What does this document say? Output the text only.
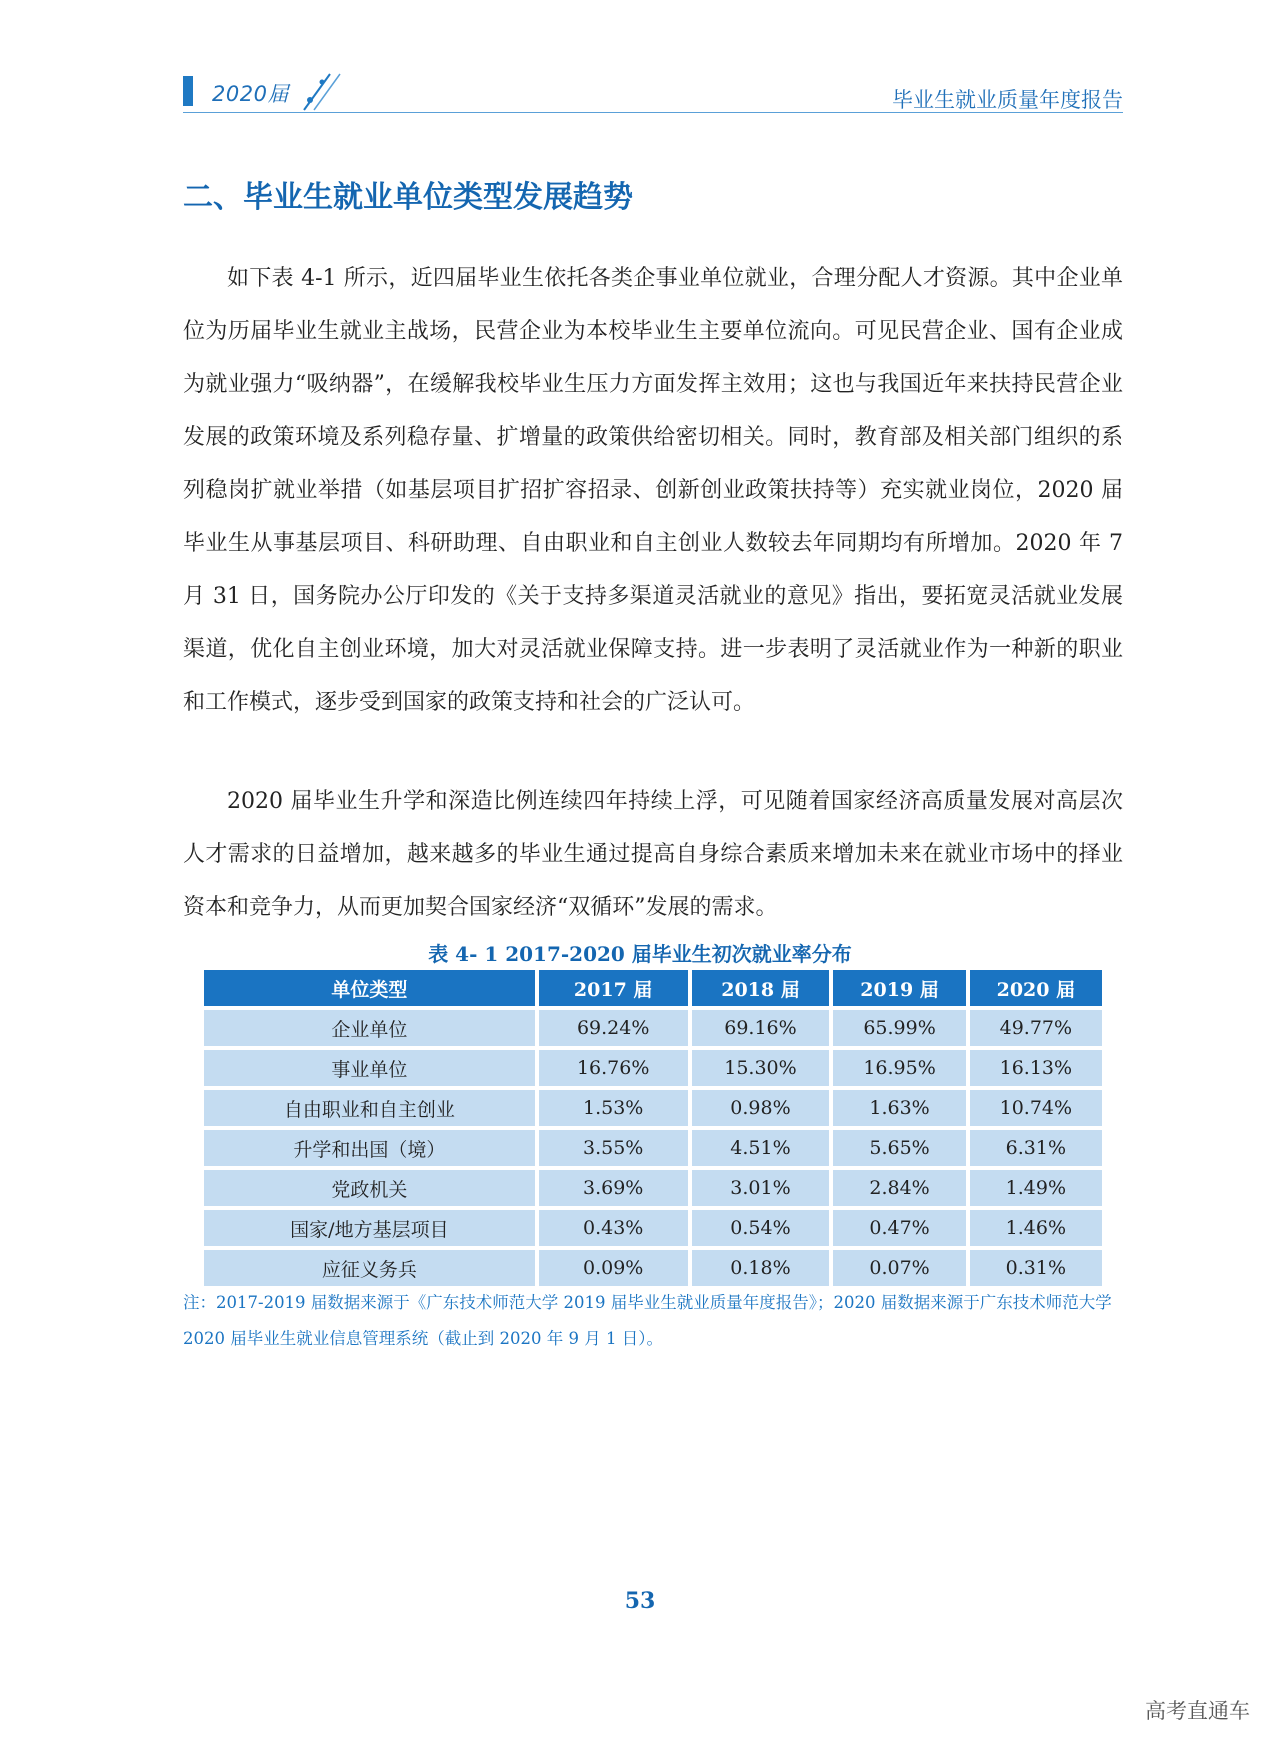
2020届	毕业生就业质量年度报告
二、毕业生就业单位类型发展趋势

如下表 4-1 所示，近四届毕业生依托各类企事业单位就业，合理分配人才资源。其中企业单位为历届毕业生就业主战场，民营企业为本校毕业生主要单位流向。可见民营企业、国有企业成为就业强力“吸纳器”，在缓解我校毕业生压力方面发挥主效用；这也与我国近年来扶持民营企业发展的政策环境及系列稳存量、扩增量的政策供给密切相关。同时，教育部及相关部门组织的系列稳岗扩就业举措（如基层项目扩招扩容招录、创新创业政策扶持等）充实就业岗位，2020 届毕业生从事基层项目、科研助理、自由职业和自主创业人数较去年同期均有所增加。2020 年 7 月 31 日，国务院办公厅印发的《关于支持多渠道灵活就业的意见》指出，要拓宽灵活就业发展渠道，优化自主创业环境，加大对灵活就业保障支持。进一步表明了灵活就业作为一种新的职业和工作模式，逐步受到国家的政策支持和社会的广泛认可。

2020 届毕业生升学和深造比例连续四年持续上浮，可见随着国家经济高质量发展对高层次人才需求的日益增加，越来越多的毕业生通过提高自身综合素质来增加未来在就业市场中的择业资本和竞争力，从而更加契合国家经济“双循环”发展的需求。

表 4- 1 2017-2020 届毕业生初次就业率分布
单位类型	2017 届	2018 届	2019 届	2020 届
企业单位	69.24%	69.16%	65.99%	49.77%
事业单位	16.76%	15.30%	16.95%	16.13%
自由职业和自主创业	1.53%	0.98%	1.63%	10.74%
升学和出国（境）	3.55%	4.51%	5.65%	6.31%
党政机关	3.69%	3.01%	2.84%	1.49%
国家/地方基层项目	0.43%	0.54%	0.47%	1.46%
应征义务兵	0.09%	0.18%	0.07%	0.31%
注：2017-2019 届数据来源于《广东技术师范大学 2019 届毕业生就业质量年度报告》；2020 届数据来源于广东技术师范大学 2020 届毕业生就业信息管理系统（截止到 2020 年 9 月 1 日）。
53
高考直通车
